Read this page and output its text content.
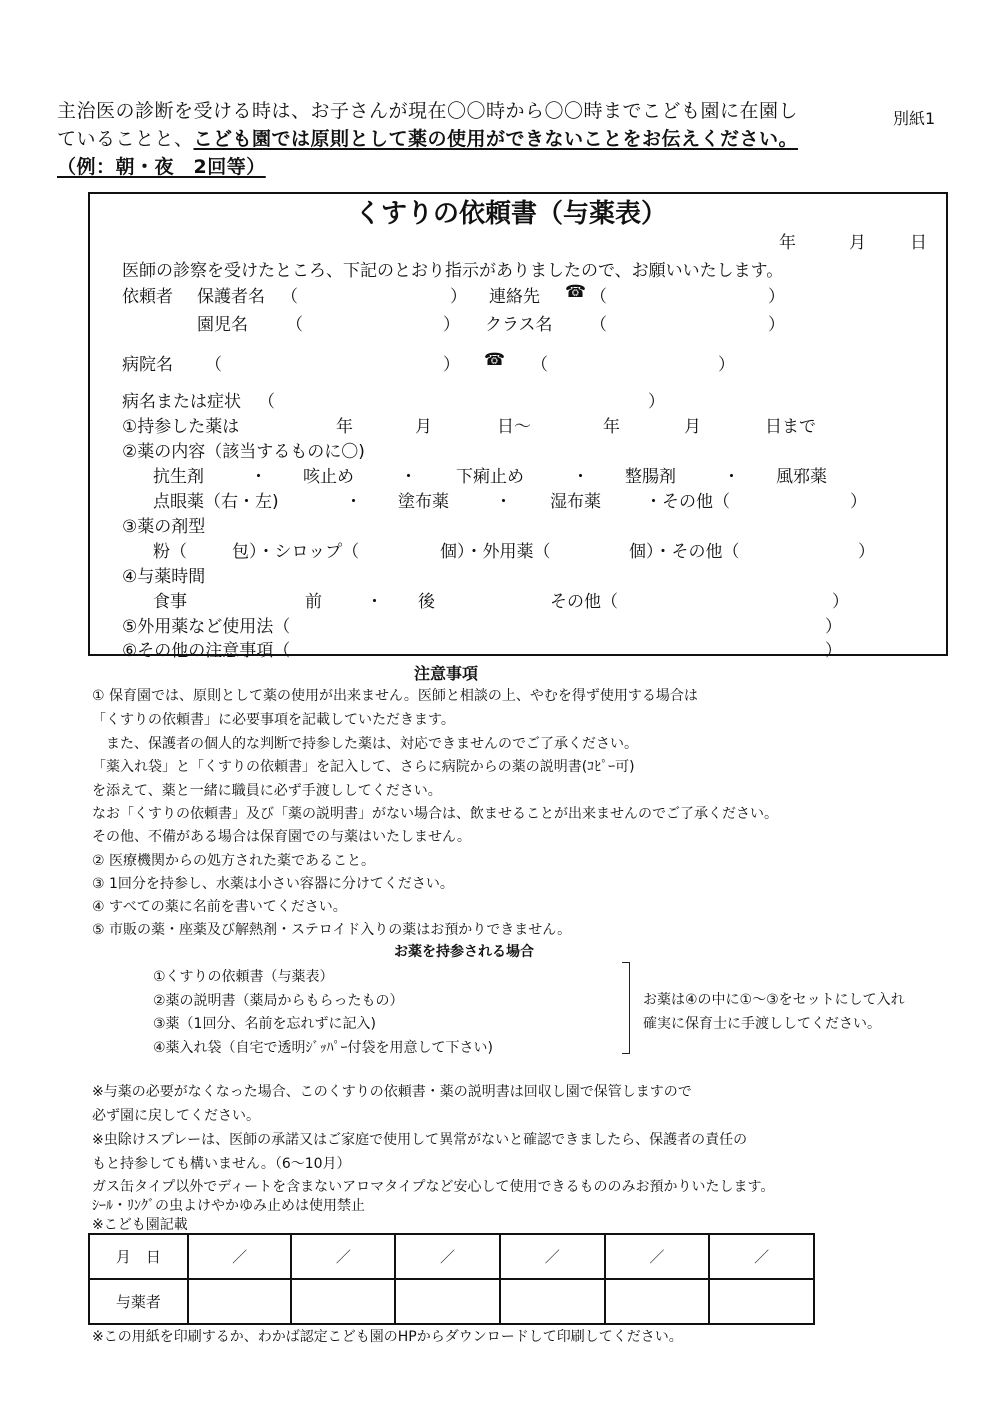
主治医の診断を受ける時は、お子さんが現在〇〇時から〇〇時までこども園に在園し
ていることと、こども園では原則として薬の使用ができないことをお伝えください。
（例：朝・夜　2回等）
別紙1
くすりの依頼書（与薬表）
年	月	日
医師の診察を受けたところ、下記のとおり指示がありましたので、お願いいたします。
依頼者 保護者名 （	） 連絡先 ☎ （	）
園児名 （	） クラス名 （	）
病院名 （	） ☎ （	）
病名または症状 （	）
①持参した薬は	年	月	日～	年	月	日まで
②薬の内容（該当するものに〇)
抗生剤	・ 咳止め	・ 下痢止め	・ 整腸剤	・ 風邪薬
点眼薬（右・左)	・ 塗布薬	・ 湿布薬	・その他（	）
③薬の剤型
粉（	包）・シロップ（	個）・外用薬（	個）・その他（	）
④与薬時間
食事	前	・ 後	その他（	）
⑤外用薬など使用法（	）
⑥その他の注意事項（	）
注意事項
① 保育園では、原則として薬の使用が出来ません。医師と相談の上、やむを得ず使用する場合は
「くすりの依頼書」に必要事項を記載していただきます。
　また、保護者の個人的な判断で持参した薬は、対応できませんのでご了承ください。
「薬入れ袋」と「くすりの依頼書」を記入して、さらに病院からの薬の説明書(ｺﾋﾟｰ可)
を添えて、薬と一緒に職員に必ず手渡ししてください。
なお「くすりの依頼書」及び「薬の説明書」がない場合は、飲ませることが出来ませんのでご了承ください。
その他、不備がある場合は保育園での与薬はいたしません。
② 医療機関からの処方された薬であること。
③ 1回分を持参し、水薬は小さい容器に分けてください。
④ すべての薬に名前を書いてください。
⑤ 市販の薬・座薬及び解熱剤・ステロイド入りの薬はお預かりできません。
お薬を持参される場合
①くすりの依頼書（与薬表）
②薬の説明書（薬局からもらったもの）
③薬（1回分、名前を忘れずに記入)
④薬入れ袋（自宅で透明ｼﾞｯﾊﾟｰ付袋を用意して下さい)
お薬は④の中に①～③をセットにして入れ
確実に保育士に手渡ししてください。
※与薬の必要がなくなった場合、このくすりの依頼書・薬の説明書は回収し園で保管しますので
必ず園に戻してください。
※虫除けスプレーは、医師の承諾又はご家庭で使用して異常がないと確認できましたら、保護者の責任の
もと持参しても構いません。（6～10月）
ガス缶タイプ以外でディートを含まないアロマタイプなど安心して使用できるもののみお預かりいたします。
ｼｰﾙ・ﾘﾝｸﾞの虫よけやかゆみ止めは使用禁止
※こども園記載
月　日	／	／	／	／	／	／
与薬者						
※この用紙を印刷するか、わかば認定こども園のHPからダウンロードして印刷してください。
